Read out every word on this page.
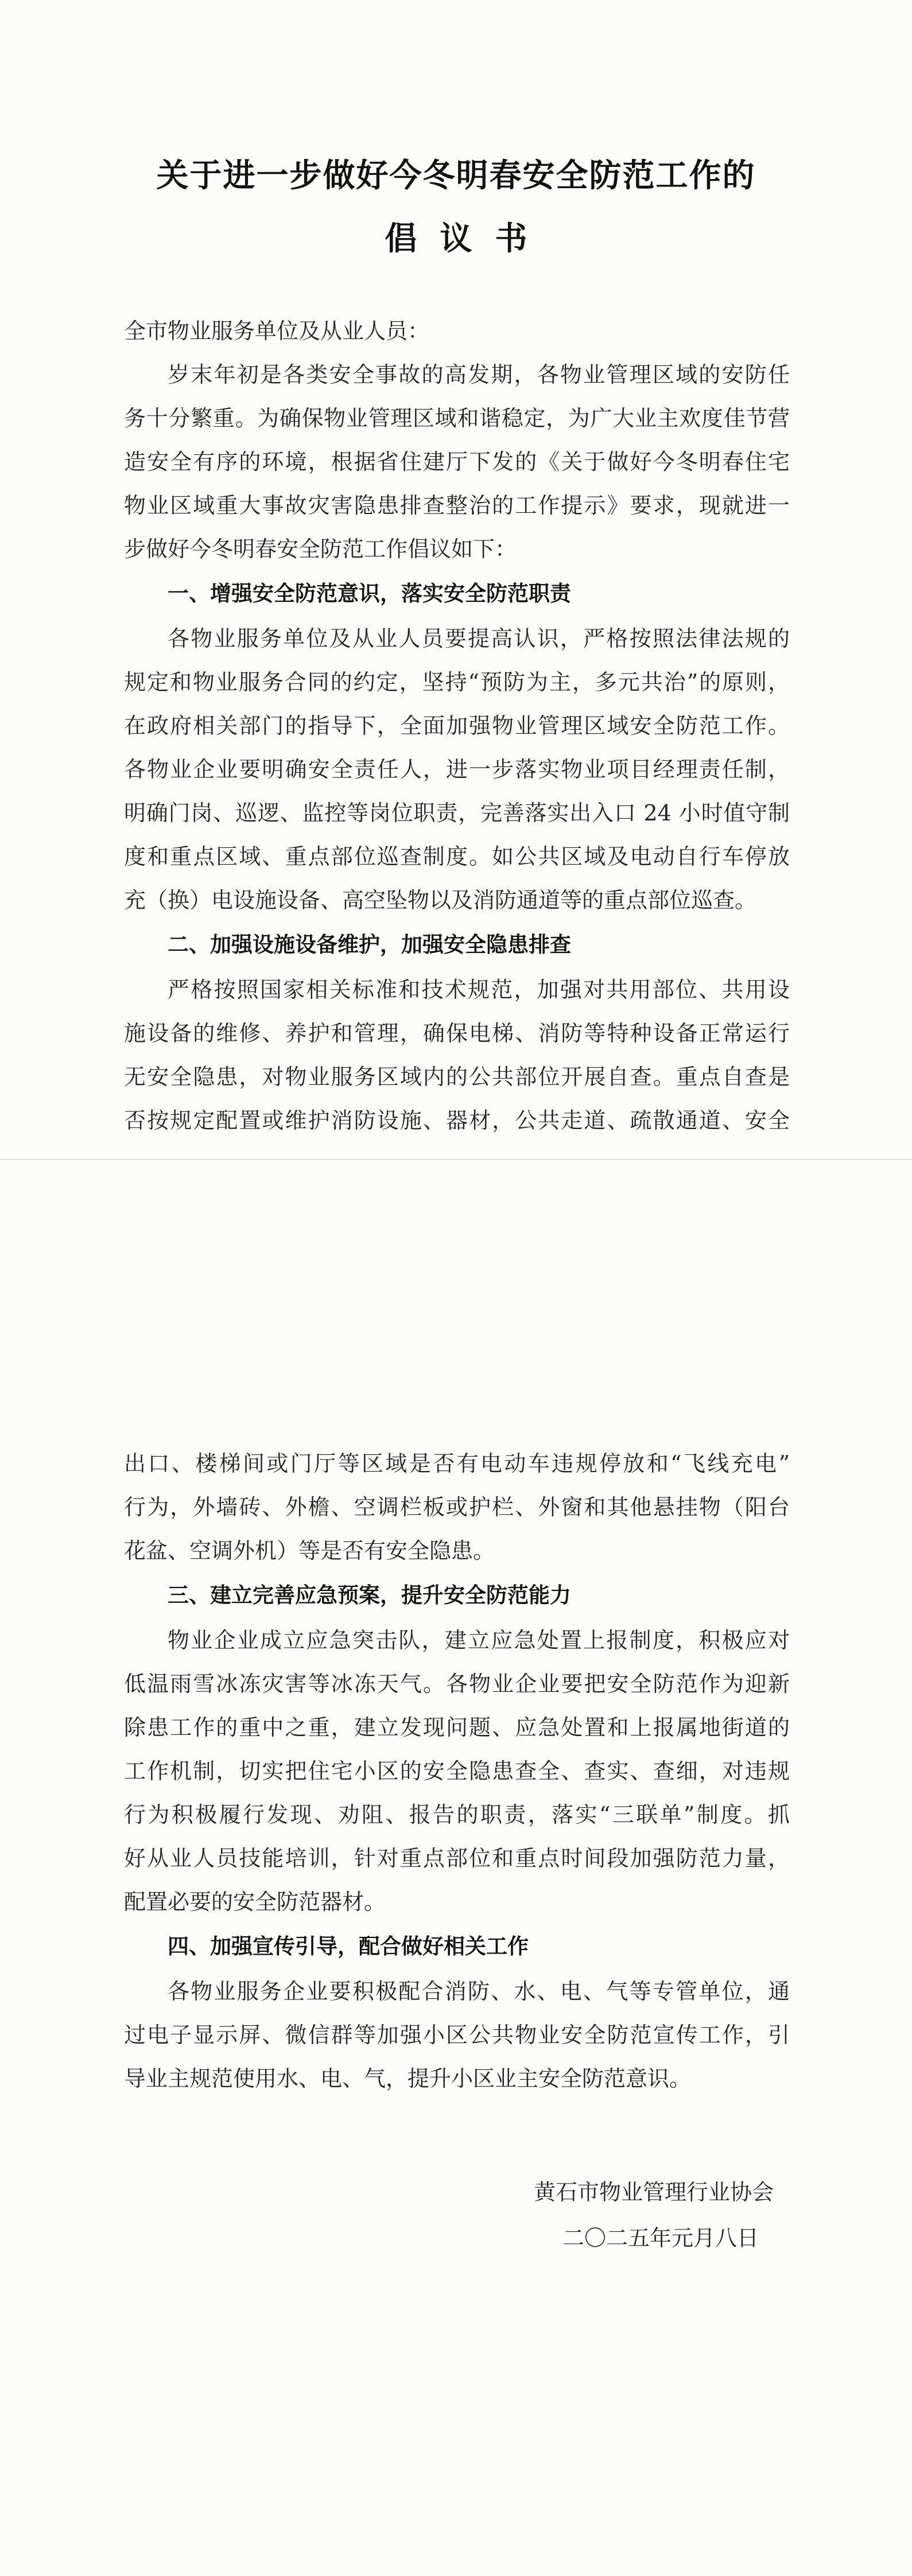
关于进一步做好今冬明春安全防范工作的
倡议书
全市物业服务单位及从业人员：
岁末年初是各类安全事故的高发期，各物业管理区域的安防任
务十分繁重。为确保物业管理区域和谐稳定，为广大业主欢度佳节营
造安全有序的环境，根据省住建厅下发的《关于做好今冬明春住宅
物业区域重大事故灾害隐患排查整治的工作提示》要求，现就进一
步做好今冬明春安全防范工作倡议如下：
一、增强安全防范意识，落实安全防范职责
各物业服务单位及从业人员要提高认识，严格按照法律法规的
规定和物业服务合同的约定，坚持“预防为主，多元共治”的原则，
在政府相关部门的指导下，全面加强物业管理区域安全防范工作。
各物业企业要明确安全责任人，进一步落实物业项目经理责任制，
明确门岗、巡逻、监控等岗位职责，完善落实出入口 24 小时值守制
度和重点区域、重点部位巡查制度。如公共区域及电动自行车停放
充（换）电设施设备、高空坠物以及消防通道等的重点部位巡查。
二、加强设施设备维护，加强安全隐患排查
严格按照国家相关标准和技术规范，加强对共用部位、共用设
施设备的维修、养护和管理，确保电梯、消防等特种设备正常运行
无安全隐患，对物业服务区域内的公共部位开展自查。重点自查是
否按规定配置或维护消防设施、器材，公共走道、疏散通道、安全
出口、楼梯间或门厅等区域是否有电动车违规停放和“飞线充电”
行为，外墙砖、外檐、空调栏板或护栏、外窗和其他悬挂物（阳台
花盆、空调外机）等是否有安全隐患。
三、建立完善应急预案，提升安全防范能力
物业企业成立应急突击队，建立应急处置上报制度，积极应对
低温雨雪冰冻灾害等冰冻天气。各物业企业要把安全防范作为迎新
除患工作的重中之重，建立发现问题、应急处置和上报属地街道的
工作机制，切实把住宅小区的安全隐患查全、查实、查细，对违规
行为积极履行发现、劝阻、报告的职责，落实“三联单”制度。抓
好从业人员技能培训，针对重点部位和重点时间段加强防范力量，
配置必要的安全防范器材。
四、加强宣传引导，配合做好相关工作
各物业服务企业要积极配合消防、水、电、气等专管单位，通
过电子显示屏、微信群等加强小区公共物业安全防范宣传工作，引
导业主规范使用水、电、气，提升小区业主安全防范意识。
黄石市物业管理行业协会
二〇二五年元月八日
